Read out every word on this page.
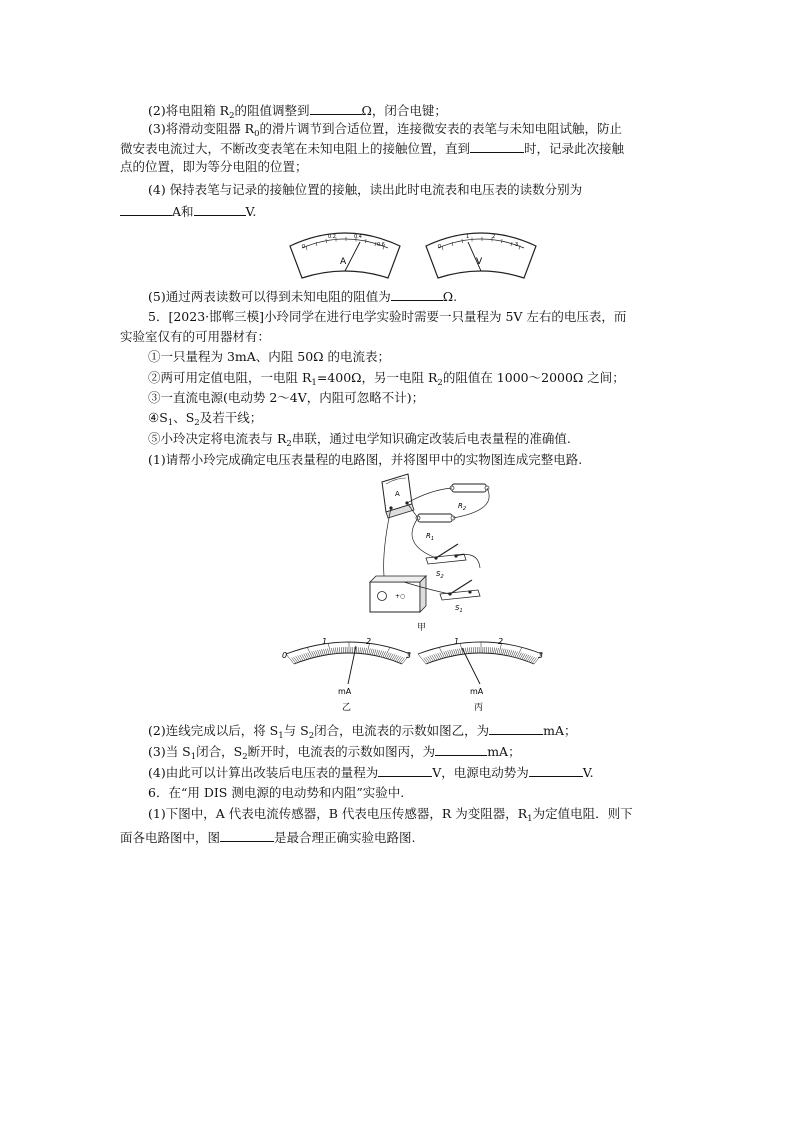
(2)将电阻箱 $R_2$的阻值调整到	Ω，闭合电键；
(3)将滑动变阻器 $R_0$的滑片调节到合适位置，连接微安表的表笔与未知电阻试触，防止
微安表电流过大，不断改变表笔在未知电阻上的接触位置，直到	时，记录此次接触
点的位置，即为等分电阻的位置；
(4) 保持表笔与记录的接触位置的接触，读出此时电流表和电压表的读数分别为
A和	V.
0
0.2	0.4
0.6
A
0
1	2
3
V
(5)通过两表读数可以得到未知电阻的阻值为	Ω.
5．[2023·邯郸三模]小玲同学在进行电学实验时需要一只量程为 5V 左右的电压表，而
实验室仅有的可用器材有：
①一只量程为 3mA、内阻 50Ω 的电流表；
②两可用定值电阻，一电阻 $R_1=400\Omega$，另一电阻 $R_2$的阻值在 1000～2000Ω 之间；
③一直流电源(电动势 2～4V，内阻可忽略不计)；
$④S_1$、$S_2$及若干线；
⑤小玲决定将电流表与 $R_2$串联，通过电学知识确定改装后电表量程的准确值.
(1)请帮小玲完成确定电压表量程的电路图，并将图甲中的实物图连成完整电路.
A
$R_2$
$R_1$
$S_2$
+○
$S_1$
甲
0
1	2
3
mA
乙
1	2
3
mA
丙
(2)连线完成以后，将 $S_1$与 $S_2$闭合，电流表的示数如图乙，为	mA；
(3)当 $S_1$闭合，$S_2$断开时，电流表的示数如图丙，为	mA；
(4)由此可以计算出改装后电压表的量程为	V，电源电动势为	V.
6．在“用 DIS 测电源的电动势和内阻”实验中.
(1)下图中，A 代表电流传感器，B 代表电压传感器，R 为变阻器，$R_1$为定值电阻．则下
面各电路图中，图	是最合理正确实验电路图.
